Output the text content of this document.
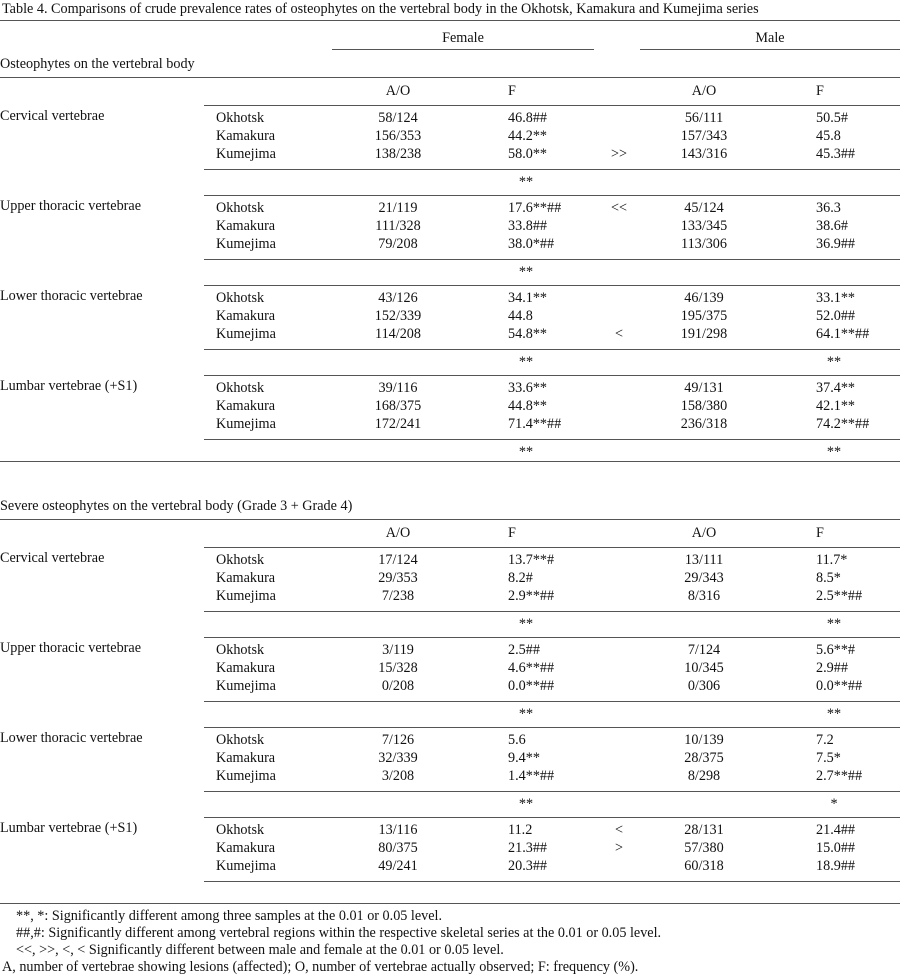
Table 4. Comparisons of crude prevalence rates of osteophytes on the vertebral body in the Okhotsk, Kamakura and Kumejima series
Female	Male
Osteophytes on the vertebral body
A/O	F	A/O	F
Cervical vertebrae	Okhotsk	58/124	46.8##	56/111	50.5#
Kamakura	156/353	44.2**	157/343	45.8
Kumejima	138/238	58.0**	>>	143/316	45.3##
**
Upper thoracic vertebrae	Okhotsk	21/119	17.6**##	<<	45/124	36.3
Kamakura	111/328	33.8##	133/345	38.6#
Kumejima	79/208	38.0*##	113/306	36.9##
**
Lower thoracic vertebrae	Okhotsk	43/126	34.1**	46/139	33.1**
Kamakura	152/339	44.8	195/375	52.0##
Kumejima	114/208	54.8**	<	191/298	64.1**##
**	**
Lumbar vertebrae (+S1)	Okhotsk	39/116	33.6**	49/131	37.4**
Kamakura	168/375	44.8**	158/380	42.1**
Kumejima	172/241	71.4**##	236/318	74.2**##
**	**
Severe osteophytes on the vertebral body (Grade 3 + Grade 4)
A/O	F	A/O	F
Cervical vertebrae	Okhotsk	17/124	13.7**#	13/111	11.7*
Kamakura	29/353	8.2#	29/343	8.5*
Kumejima	7/238	2.9**##	8/316	2.5**##
**	**
Upper thoracic vertebrae	Okhotsk	3/119	2.5##	7/124	5.6**#
Kamakura	15/328	4.6**##	10/345	2.9##
Kumejima	0/208	0.0**##	0/306	0.0**##
**	**
Lower thoracic vertebrae	Okhotsk	7/126	5.6	10/139	7.2
Kamakura	32/339	9.4**	28/375	7.5*
Kumejima	3/208	1.4**##	8/298	2.7**##
**	*
Lumbar vertebrae (+S1)	Okhotsk	13/116	11.2	<	28/131	21.4##
Kamakura	80/375	21.3##	>	57/380	15.0##
Kumejima	49/241	20.3##	60/318	18.9##
**, *: Significantly different among three samples at the 0.01 or 0.05 level.
##,#: Significantly different among vertebral regions within the respective skeletal series at the 0.01 or 0.05 level.
<<, >>, <, < Significantly different between male and female at the 0.01 or 0.05 level.
A, number of vertebrae showing lesions (affected); O, number of vertebrae actually observed; F: frequency (%).
